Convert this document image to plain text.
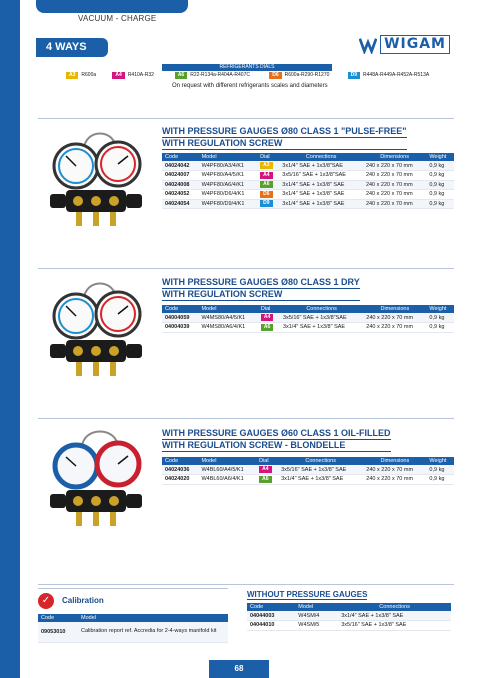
VACUUM - CHARGE
4 WAYS	WIGAM
REFRIGERANTS DIALS
A3	R600a	A4	R410A-R32	A6	R22-R134a-R404A-R407C	D6	R600a-R290-R1270	D9	R448A-R449A-R452A-R513A
On request with different refrigerants scales and diameters
WITH PRESSURE GAUGES Ø80 CLASS 1 "PULSE-FREE"
WITH REGULATION SCREW
Code	Model	Dial	Connections	Dimensions	Weight
04024042	W4PF80/A3/4/K1	A3	3x1/4" SAE + 1x3/8"SAE	240 x 220 x 70 mm	0,9 kg
04024007	W4PF80/A4/5/K1	A4	3x5/16" SAE + 1x3/8"SAE	240 x 220 x 70 mm	0,9 kg
04024008	W4PF80/A6/4/K1	A6	3x1/4" SAE + 1x3/8" SAE	240 x 220 x 70 mm	0,9 kg
04024052	W4PF80/D6/4/K1	D6	3x1/4" SAE + 1x3/8" SAE	240 x 220 x 70 mm	0,9 kg
04024054	W4PF80/D9/4/K1	D9	3x1/4" SAE + 1x3/8" SAE	240 x 220 x 70 mm	0,9 kg
WITH PRESSURE GAUGES Ø80 CLASS 1 DRY
WITH REGULATION SCREW
Code	Model	Dial	Connections	Dimensions	Weight
04004059	W4MS80/A4/5/K1	A4	3x5/16" SAE + 1x3/8"SAE	240 x 220 x 70 mm	0,9 kg
04004039	W4MS80/A6/4/K1	A6	3x1/4" SAE + 1x3/8" SAE	240 x 220 x 70 mm	0,9 kg
WITH PRESSURE GAUGES Ø60 CLASS 1 OIL-FILLED
WITH REGULATION SCREW - BLONDELLE
Code	Model	Dial	Connections	Dimensions	Weight
04024036	W4BL60/A4/5/K1	A4	3x5/16" SAE + 1x3/8" SAE	240 x 220 x 70 mm	0,9 kg
04024020	W4BL60/A6/4/K1	A6	3x1/4" SAE + 1x3/8" SAE	240 x 220 x 70 mm	0,9 kg
✓	Calibration
Code	Model
09053010	Calibration report ref. Accredia for 2-4-ways manifold kit
WITHOUT PRESSURE GAUGES
Code	Model	Connections
04044003	W4SM/4	3x1/4" SAE + 1x3/8" SAE
04044010	W4SM/5	3x5/16" SAE + 1x3/8" SAE
68
